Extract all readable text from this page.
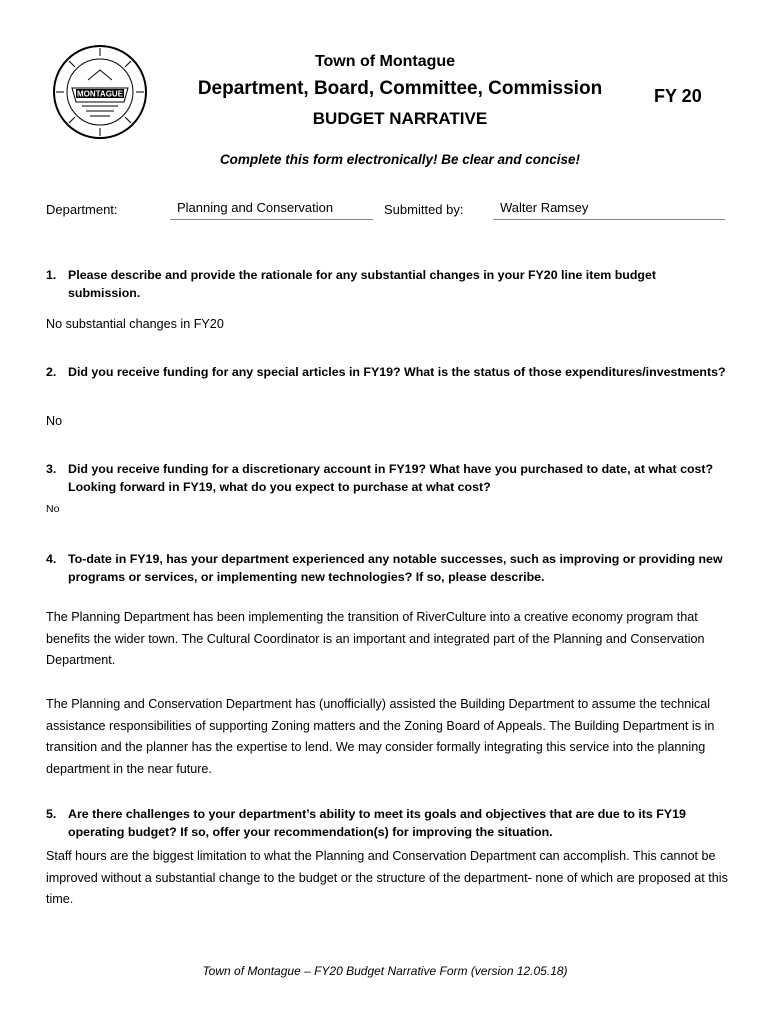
MONTAGUE
Town of Montague
Department, Board, Committee, Commission	FY 20
BUDGET NARRATIVE
Complete this form electronically! Be clear and concise!
Department:	Planning and Conservation	Submitted by:	Walter Ramsey
1. Please describe and provide the rationale for any substantial changes in your FY20 line item budget submission.
No substantial changes in FY20
2. Did you receive funding for any special articles in FY19? What is the status of those expenditures/investments?
No
3. Did you receive funding for a discretionary account in FY19? What have you purchased to date, at what cost? Looking forward in FY19, what do you expect to purchase at what cost?
No
4. To-date in FY19, has your department experienced any notable successes, such as improving or providing new programs or services, or implementing new technologies? If so, please describe.
The Planning Department has been implementing the transition of RiverCulture into a creative economy program that benefits the wider town. The Cultural Coordinator is an important and integrated part of the Planning and Conservation Department.
The Planning and Conservation Department has (unofficially) assisted the Building Department to assume the technical assistance responsibilities of supporting Zoning matters and the Zoning Board of Appeals. The Building Department is in transition and the planner has the expertise to lend. We may consider formally integrating this service into the planning department in the near future.
5. Are there challenges to your department’s ability to meet its goals and objectives that are due to its FY19 operating budget? If so, offer your recommendation(s) for improving the situation.
Staff hours are the biggest limitation to what the Planning and Conservation Department can accomplish. This cannot be improved without a substantial change to the budget or the structure of the department- none of which are proposed at this time.
Town of Montague – FY20 Budget Narrative Form (version 12.05.18)
